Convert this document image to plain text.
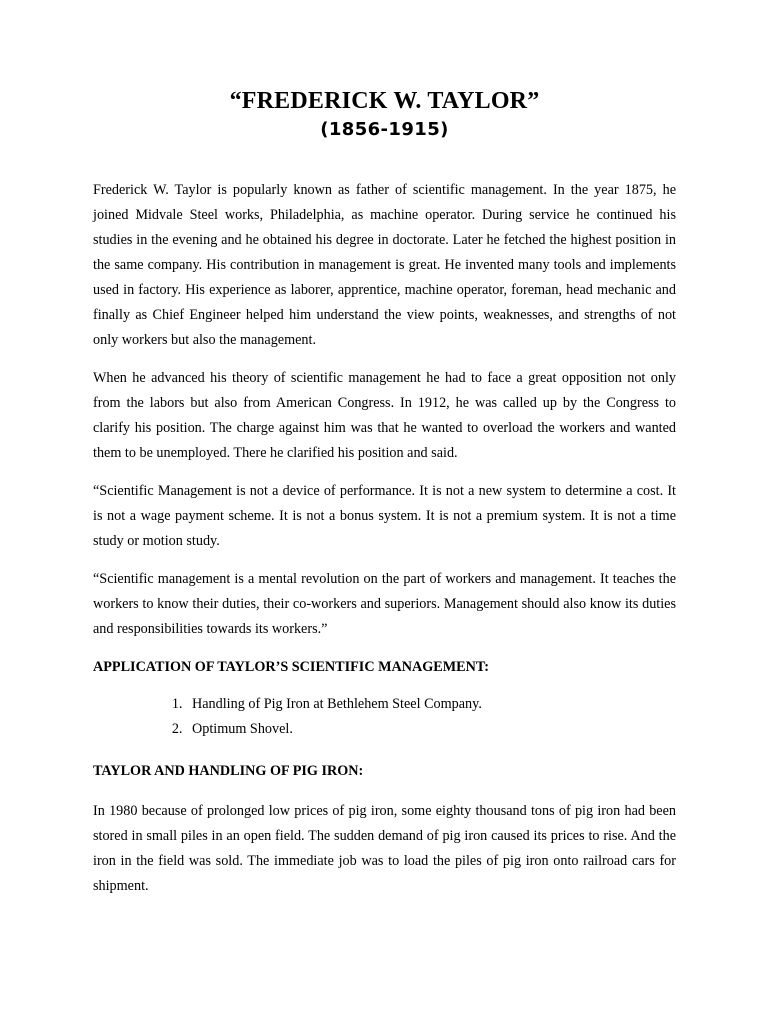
“FREDERICK W. TAYLOR”
(1856-1915)

Frederick W. Taylor is popularly known as father of scientific management. In the year 1875, he joined Midvale Steel works, Philadelphia, as machine operator. During service he continued his studies in the evening and he obtained his degree in doctorate. Later he fetched the highest position in the same company. His contribution in management is great. He invented many tools and implements used in factory. His experience as laborer, apprentice, machine operator, foreman, head mechanic and finally as Chief Engineer helped him understand the view points, weaknesses, and strengths of not only workers but also the management.

When he advanced his theory of scientific management he had to face a great opposition not only from the labors but also from American Congress. In 1912, he was called up by the Congress to clarify his position. The charge against him was that he wanted to overload the workers and wanted them to be unemployed. There he clarified his position and said.

“Scientific Management is not a device of performance. It is not a new system to determine a cost. It is not a wage payment scheme. It is not a bonus system. It is not a premium system. It is not a time study or motion study.

“Scientific management is a mental revolution on the part of workers and management. It teaches the workers to know their duties, their co-workers and superiors. Management should also know its duties and responsibilities towards its workers.”

APPLICATION OF TAYLOR’S SCIENTIFIC MANAGEMENT:
1. Handling of Pig Iron at Bethlehem Steel Company.
2. Optimum Shovel.
TAYLOR AND HANDLING OF PIG IRON:

In 1980 because of prolonged low prices of pig iron, some eighty thousand tons of pig iron had been stored in small piles in an open field. The sudden demand of pig iron caused its prices to rise. And the iron in the field was sold. The immediate job was to load the piles of pig iron onto railroad cars for shipment.
